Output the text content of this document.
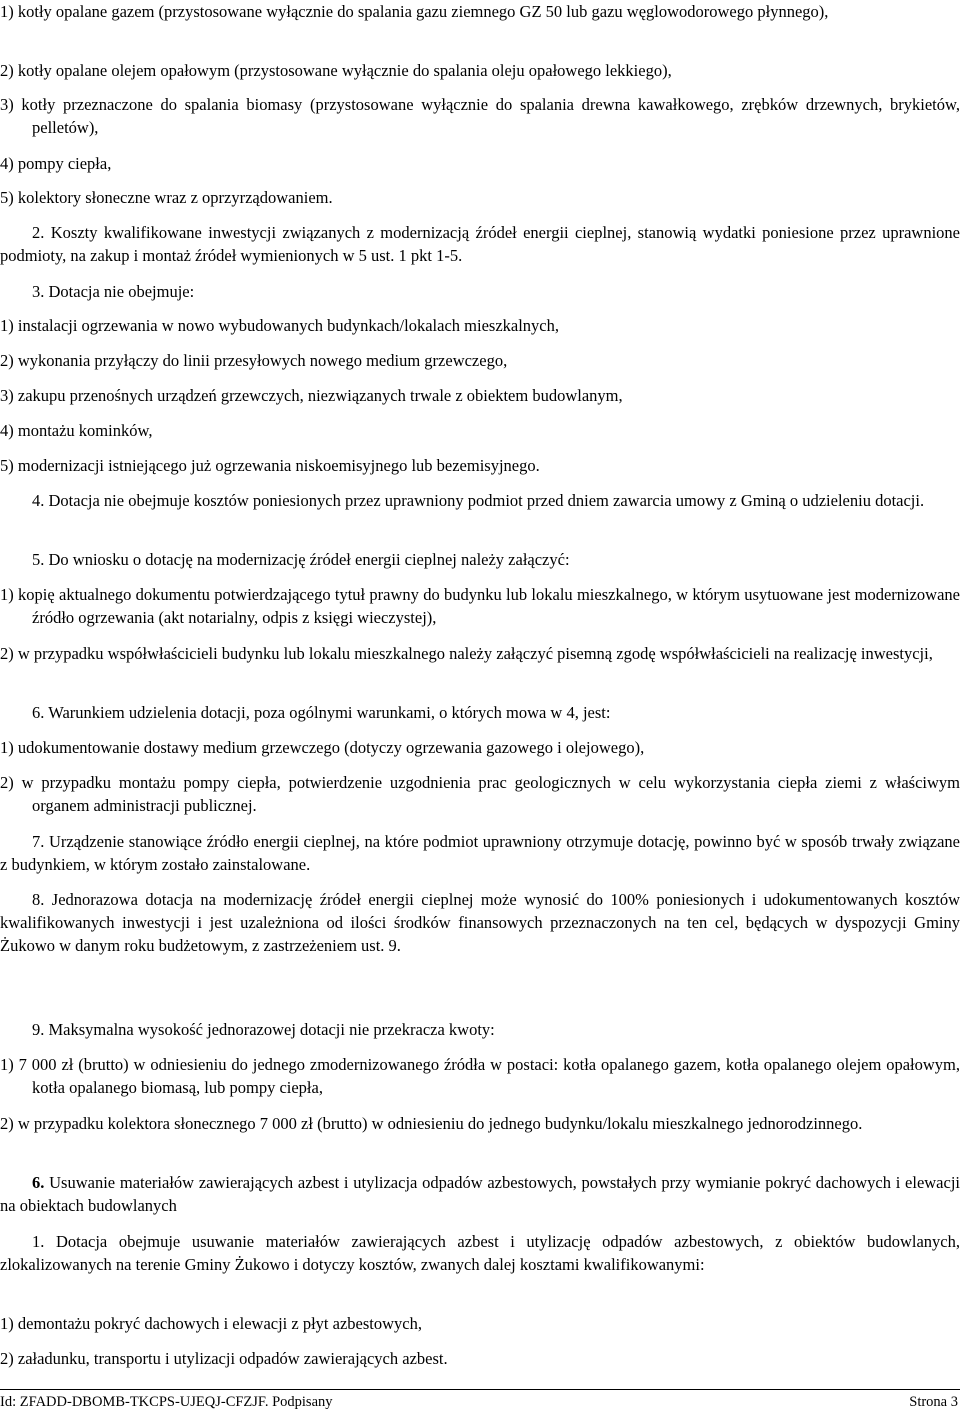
1) kotły opalane gazem (przystosowane wyłącznie do spalania gazu ziemnego GZ 50 lub gazu węglowodorowego płynnego),

2) kotły opalane olejem opałowym (przystosowane wyłącznie do spalania oleju opałowego lekkiego),

3) kotły przeznaczone do spalania biomasy (przystosowane wyłącznie do spalania drewna kawałkowego, zrębków drzewnych, brykietów, pelletów),

4) pompy ciepła,

5) kolektory słoneczne wraz z oprzyrządowaniem.

2. Koszty kwalifikowane inwestycji związanych z modernizacją źródeł energii cieplnej, stanowią wydatki poniesione przez uprawnione podmioty, na zakup i montaż źródeł wymienionych w 5 ust. 1 pkt 1-5.

3. Dotacja nie obejmuje:

1) instalacji ogrzewania w nowo wybudowanych budynkach/lokalach mieszkalnych,

2) wykonania przyłączy do linii przesyłowych nowego medium grzewczego,

3) zakupu przenośnych urządzeń grzewczych, niezwiązanych trwale z obiektem budowlanym,

4) montażu kominków,

5) modernizacji istniejącego już ogrzewania niskoemisyjnego lub bezemisyjnego.

4. Dotacja nie obejmuje kosztów poniesionych przez uprawniony podmiot przed dniem zawarcia umowy z Gminą o udzieleniu dotacji.

5. Do wniosku o dotację na modernizację źródeł energii cieplnej należy załączyć:

1) kopię aktualnego dokumentu potwierdzającego tytuł prawny do budynku lub lokalu mieszkalnego, w którym usytuowane jest modernizowane źródło ogrzewania (akt notarialny, odpis z księgi wieczystej),

2) w przypadku współwłaścicieli budynku lub lokalu mieszkalnego należy załączyć pisemną zgodę współwłaścicieli na realizację inwestycji,

6. Warunkiem udzielenia dotacji, poza ogólnymi warunkami, o których mowa w 4, jest:

1) udokumentowanie dostawy medium grzewczego (dotyczy ogrzewania gazowego i olejowego),

2) w przypadku montażu pompy ciepła, potwierdzenie uzgodnienia prac geologicznych w celu wykorzystania ciepła ziemi z właściwym organem administracji publicznej.

7. Urządzenie stanowiące źródło energii cieplnej, na które podmiot uprawniony otrzymuje dotację, powinno być w sposób trwały związane z budynkiem, w którym zostało zainstalowane.

8. Jednorazowa dotacja na modernizację źródeł energii cieplnej może wynosić do 100% poniesionych i udokumentowanych kosztów kwalifikowanych inwestycji i jest uzależniona od ilości środków finansowych przeznaczonych na ten cel, będących w dyspozycji Gminy Żukowo w danym roku budżetowym, z zastrzeżeniem ust. 9.

9. Maksymalna wysokość jednorazowej dotacji nie przekracza kwoty:

1) 7 000 zł (brutto) w odniesieniu do jednego zmodernizowanego źródła w postaci: kotła opalanego gazem, kotła opalanego olejem opałowym, kotła opalanego biomasą, lub pompy ciepła,

2) w przypadku kolektora słonecznego 7 000 zł (brutto) w odniesieniu do jednego budynku/lokalu mieszkalnego jednorodzinnego.

6. Usuwanie materiałów zawierających azbest i utylizacja odpadów azbestowych, powstałych przy wymianie pokryć dachowych i elewacji na obiektach budowlanych

1. Dotacja obejmuje usuwanie materiałów zawierających azbest i utylizację odpadów azbestowych, z obiektów budowlanych, zlokalizowanych na terenie Gminy Żukowo i dotyczy kosztów, zwanych dalej kosztami kwalifikowanymi:

1) demontażu pokryć dachowych i elewacji z płyt azbestowych,

2) załadunku, transportu i utylizacji odpadów zawierających azbest.

Id: ZFADD-DBOMB-TKCPS-UJEQJ-CFZJF. Podpisany	Strona 3
